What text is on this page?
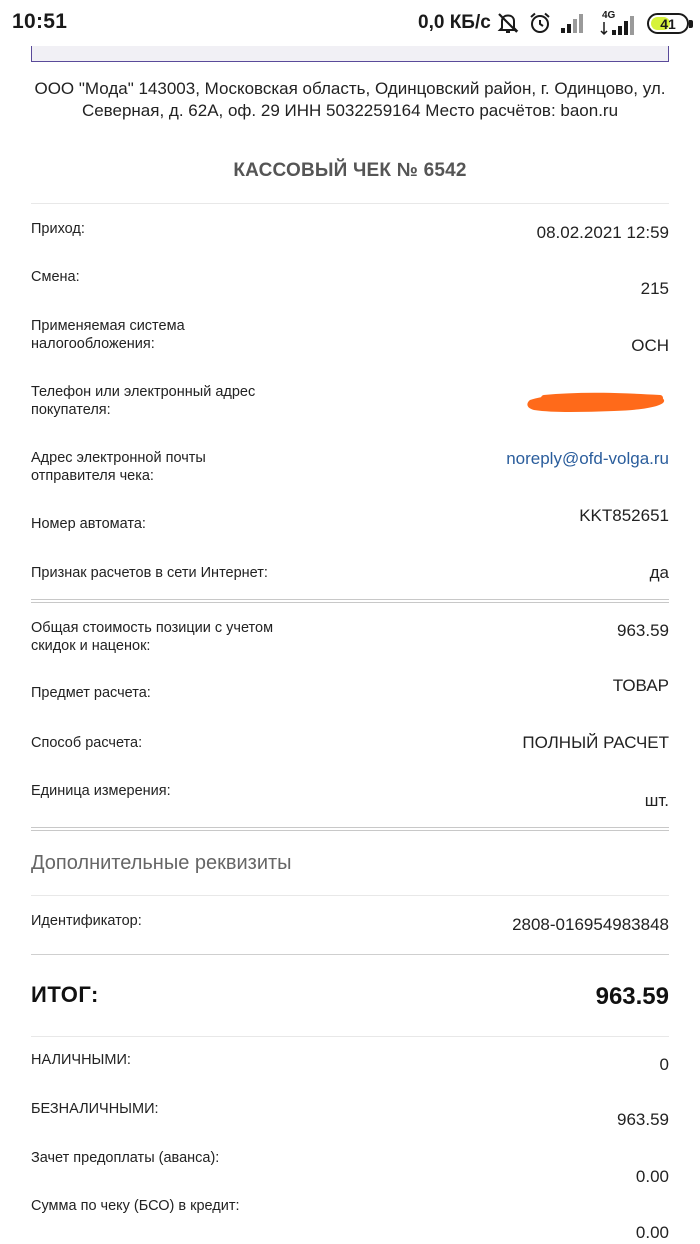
10:51	0,0 КБ/с	4G
41
ООО "Мода" 143003, Московская область, Одинцовский район, г. Одинцово, ул. Северная, д. 62А, оф. 29 ИНН 5032259164 Место расчётов: baon.ru
КАССОВЫЙ ЧЕК № 6542
Приход:	08.02.2021 12:59
Смена:
215
Применяемая система налогообложения:	ОСН
Телефон или электронный адрес покупателя:
Адрес электронной почты отправителя чека:
noreply@ofd-volga.ru
Номер автомата:	KKT852651
Признак расчетов в сети Интернет:	да
Общая стоимость позиции с учетом скидок и наценок:
963.59
Предмет расчета:	ТОВАР
Способ расчета:	ПОЛНЫЙ РАСЧЕТ
Единица измерения:	шт.
Дополнительные реквизиты
Идентификатор:	2808-016954983848
ИТОГ:	963.59
НАЛИЧНЫМИ:	0
БЕЗНАЛИЧНЫМИ:
963.59
Зачет предоплаты (аванса):
0.00
Сумма по чеку (БСО) в кредит:
0.00
